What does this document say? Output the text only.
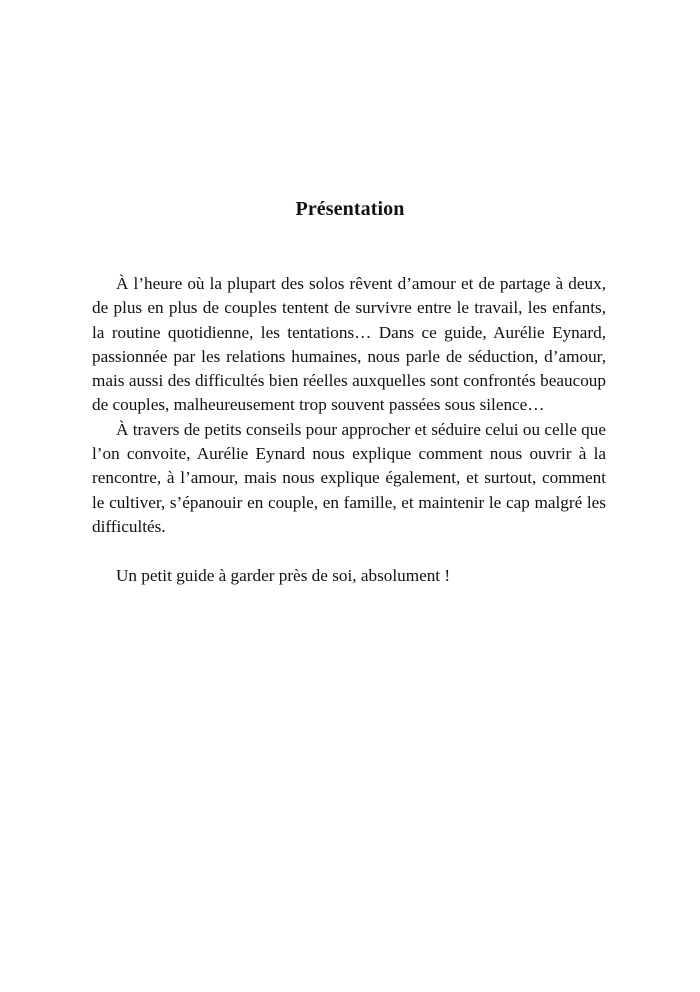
Présentation

À l’heure où la plupart des solos rêvent d’amour et de partage à deux, de plus en plus de couples tentent de survivre entre le travail, les enfants, la routine quotidienne, les tentations… Dans ce guide, Aurélie Eynard, passionnée par les relations humaines, nous parle de séduction, d’amour, mais aussi des difficultés bien réelles auxquelles sont confrontés beaucoup de couples, malheureusement trop souvent passées sous silence…

À travers de petits conseils pour approcher et séduire celui ou celle que l’on convoite, Aurélie Eynard nous explique comment nous ouvrir à la rencontre, à l’amour, mais nous explique également, et surtout, comment le cultiver, s’épanouir en couple, en famille, et maintenir le cap malgré les difficultés.

Un petit guide à garder près de soi, absolument !
